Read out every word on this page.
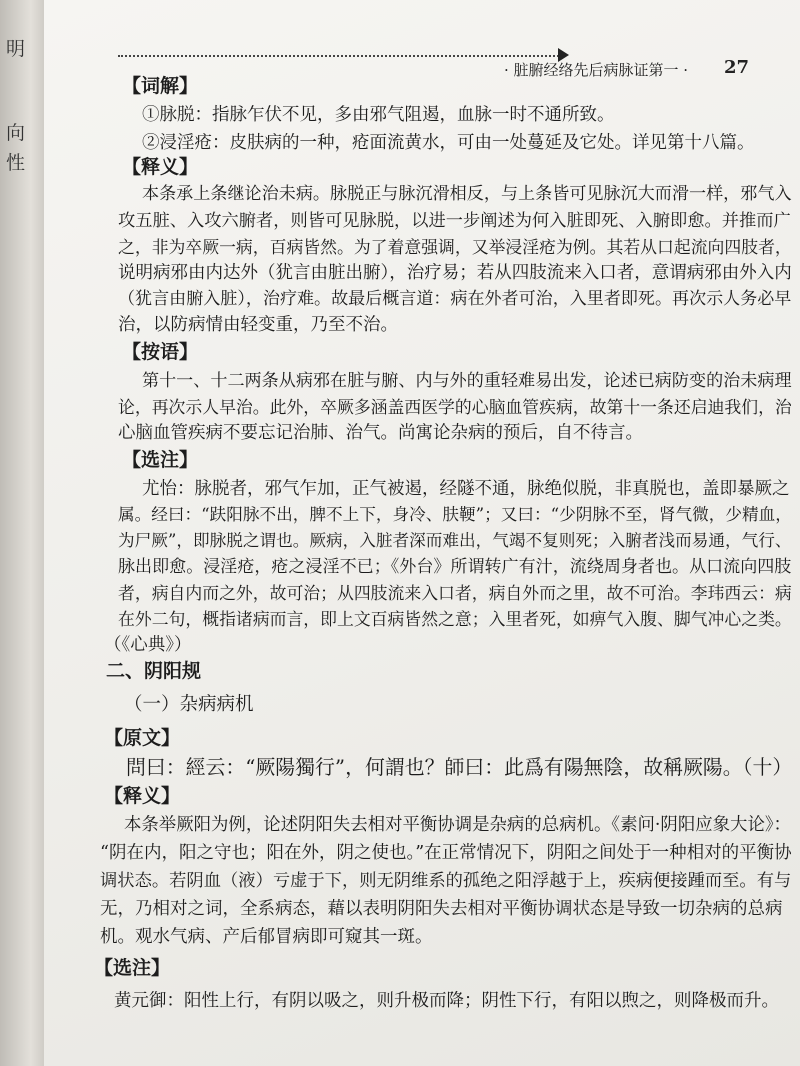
明
向
性
· 脏腑经络先后病脉证第一 · 27
【词解】
①脉脱：指脉乍伏不见，多由邪气阻遏，血脉一时不通所致。
②浸淫疮：皮肤病的一种，疮面流黄水，可由一处蔓延及它处。详见第十八篇。
【释义】
本条承上条继论治未病。脉脱正与脉沉滑相反，与上条皆可见脉沉大而滑一样，邪气入
攻五脏、入攻六腑者，则皆可见脉脱，以进一步阐述为何入脏即死、入腑即愈。并推而广
之，非为卒厥一病，百病皆然。为了着意强调，又举浸淫疮为例。其若从口起流向四肢者，
说明病邪由内达外（犹言由脏出腑），治疗易；若从四肢流来入口者，意谓病邪由外入内
（犹言由腑入脏），治疗难。故最后概言道：病在外者可治，入里者即死。再次示人务必早
治，以防病情由轻变重，乃至不治。
【按语】
第十一、十二两条从病邪在脏与腑、内与外的重轻难易出发，论述已病防变的治未病理
论，再次示人早治。此外，卒厥多涵盖西医学的心脑血管疾病，故第十一条还启迪我们，治
心脑血管疾病不要忘记治肺、治气。尚寓论杂病的预后，自不待言。
【选注】
尤怡：脉脱者，邪气乍加，正气被遏，经隧不通，脉绝似脱，非真脱也，盖即暴厥之
属。经曰：“趺阳脉不出，脾不上下，身冷、肤鞕”；又曰：“少阴脉不至，肾气微，少精血，
为尸厥”，即脉脱之谓也。厥病，入脏者深而难出，气竭不复则死；入腑者浅而易通，气行、
脉出即愈。浸淫疮，疮之浸淫不已；《外台》所谓转广有汁，流绕周身者也。从口流向四肢
者，病自内而之外，故可治；从四肢流来入口者，病自外而之里，故不可治。李玮西云：病
在外二句，概指诸病而言，即上文百病皆然之意；入里者死，如痹气入腹、脚气冲心之类。
（《心典》）
二、阴阳规
（一）杂病病机
【原文】
問曰：經云：“厥陽獨行”，何謂也？師曰：此爲有陽無陰，故稱厥陽。（十）
【释义】
本条举厥阳为例，论述阴阳失去相对平衡协调是杂病的总病机。《素问·阴阳应象大论》：
“阴在内，阳之守也；阳在外，阴之使也。”在正常情况下，阴阳之间处于一种相对的平衡协
调状态。若阴血（液）亏虚于下，则无阴维系的孤绝之阳浮越于上，疾病便接踵而至。有与
无，乃相对之词，全系病态，藉以表明阴阳失去相对平衡协调状态是导致一切杂病的总病
机。观水气病、产后郁冒病即可窥其一斑。
【选注】
黄元御：阳性上行，有阴以吸之，则升极而降；阴性下行，有阳以煦之，则降极而升。
